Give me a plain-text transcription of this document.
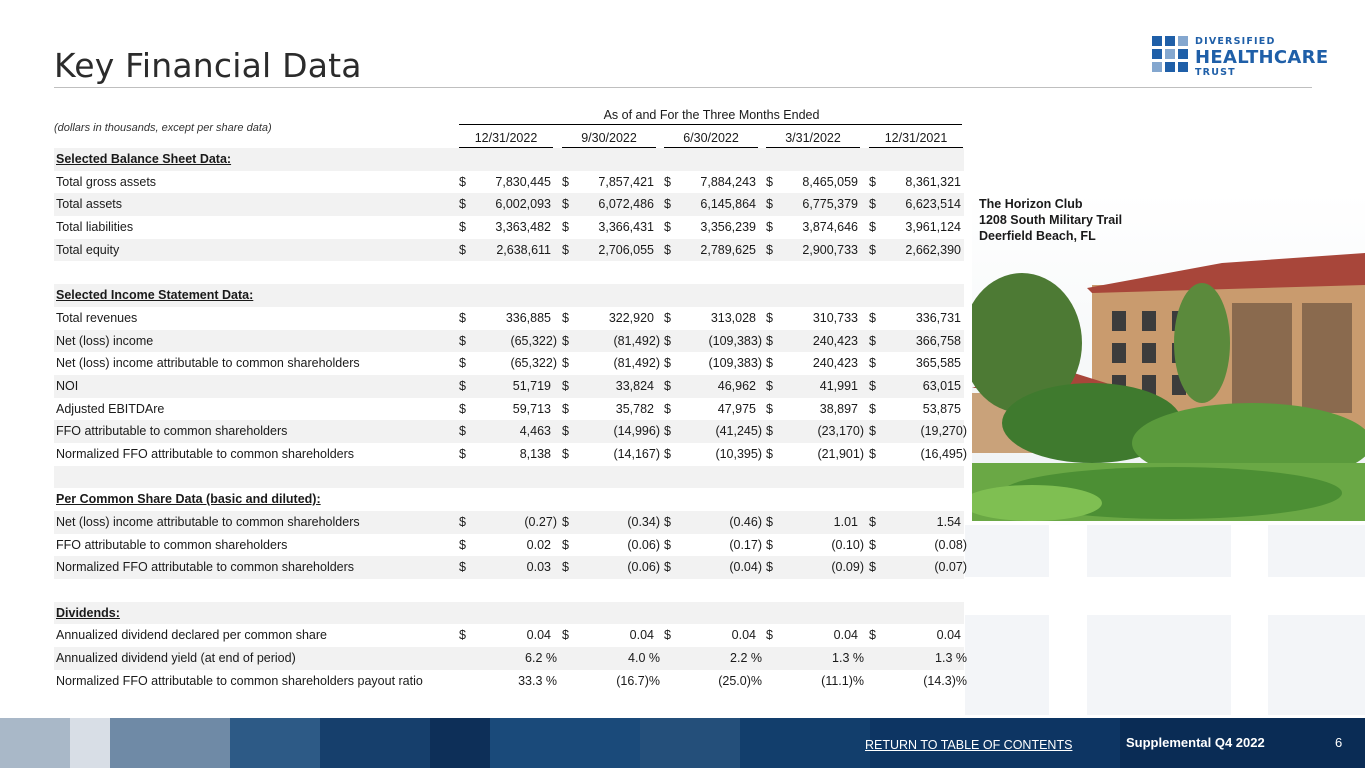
Key Financial Data
DIVERSIFIED
HEALTHCARE
TRUST
(dollars in thousands, except per share data)
As of and For the Three Months Ended
12/31/2022	9/30/2022	6/30/2022	3/31/2022	12/31/2021
Selected Balance Sheet Data:
Total gross assets	$ 7,830,445 $ 7,857,421 $ 7,884,243 $ 8,465,059 $ 8,361,321
Total assets	$ 6,002,093 $ 6,072,486 $ 6,145,864 $ 6,775,379 $ 6,623,514
Total liabilities	$ 3,363,482 $ 3,366,431 $ 3,356,239 $ 3,874,646 $ 3,961,124
Total equity	$ 2,638,611 $ 2,706,055 $ 2,789,625 $ 2,900,733 $ 2,662,390
Selected Income Statement Data:
Total revenues	$	336,885 $	322,920 $	313,028 $	310,733 $	336,731
Net (loss) income	$	(65,322) $	(81,492) $	(109,383) $	240,423 $	366,758
Net (loss) income attributable to common shareholders	$	(65,322) $	(81,492) $	(109,383) $	240,423 $	365,585
NOI	$	51,719 $	33,824 $	46,962 $	41,991 $	63,015
Adjusted EBITDAre	$	59,713 $	35,782 $	47,975 $	38,897 $	53,875
FFO attributable to common shareholders	$	4,463 $	(14,996) $	(41,245) $	(23,170) $	(19,270)
Normalized FFO attributable to common shareholders	$	8,138 $	(14,167) $	(10,395) $	(21,901) $	(16,495)
Per Common Share Data (basic and diluted):
Net (loss) income attributable to common shareholders	$	(0.27) $	(0.34) $	(0.46) $	1.01 $	1.54
FFO attributable to common shareholders	$	0.02 $	(0.06) $	(0.17) $	(0.10) $	(0.08)
Normalized FFO attributable to common shareholders	$	0.03 $	(0.06) $	(0.04) $	(0.09) $	(0.07)
Dividends:
Annualized dividend declared per common share	$	0.04 $	0.04 $	0.04 $	0.04 $	0.04
Annualized dividend yield (at end of period)	6.2 %	4.0 %	2.2 %	1.3 %	1.3 %
Normalized FFO attributable to common shareholders payout ratio	33.3 %	(16.7)%	(25.0)%	(11.1)%	(14.3)%
The Horizon Club
1208 South Military Trail
Deerfield Beach, FL
RETURN TO TABLE OF CONTENTS	Supplemental Q4 2022	6
